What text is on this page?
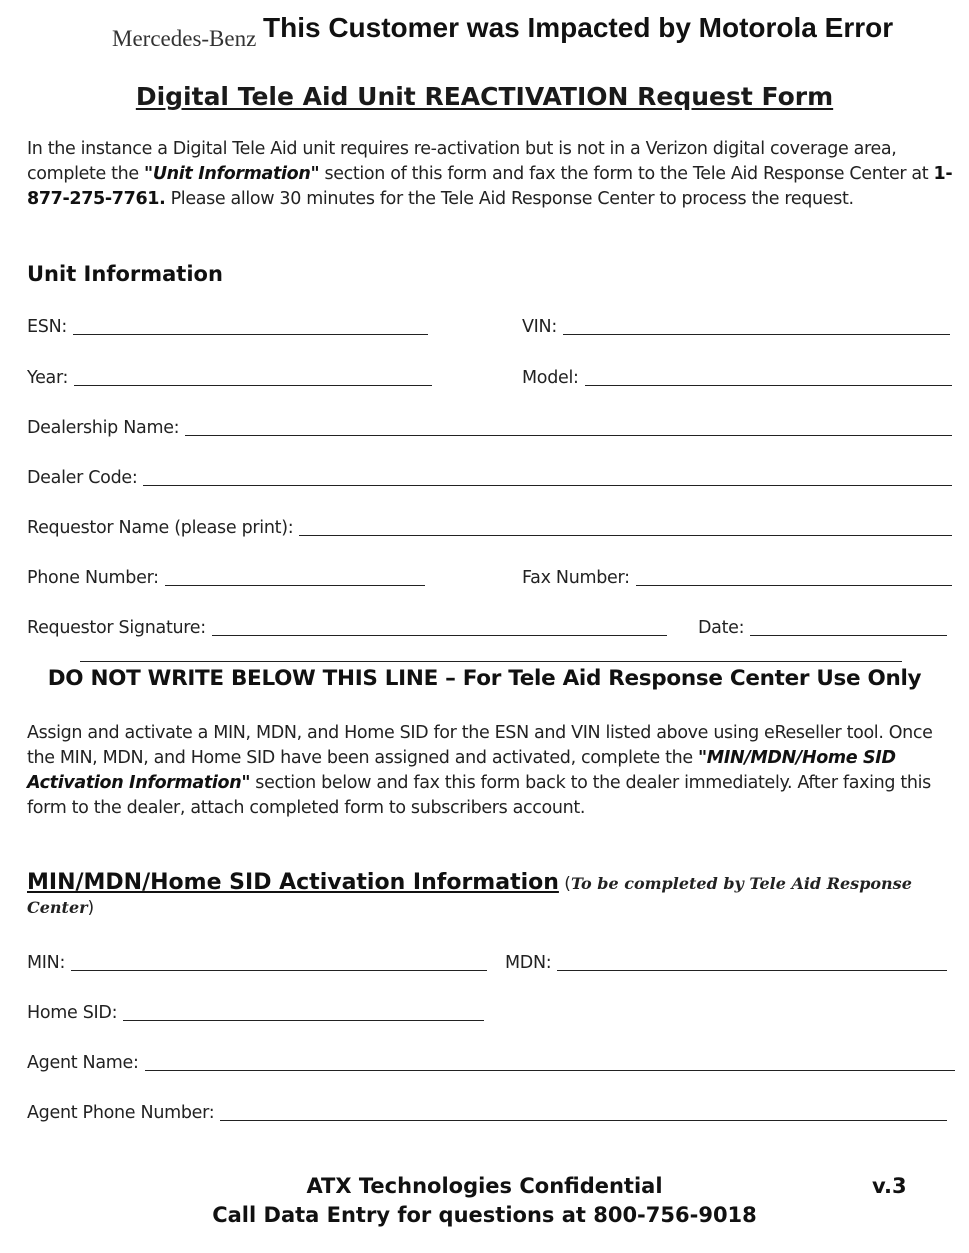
Mercedes-Benz This Customer was Impacted by Motorola Error
Digital Tele Aid Unit REACTIVATION Request Form
In the instance a Digital Tele Aid unit requires re-activation but is not in a Verizon digital coverage area, complete the "Unit Information" section of this form and fax the form to the Tele Aid Response Center at 1-877-275-7761. Please allow 30 minutes for the Tele Aid Response Center to process the request.
Unit Information
ESN:	VIN:
Year:	Model:
Dealership Name:
Dealer Code:
Requestor Name (please print):
Phone Number:	Fax Number:
Requestor Signature:	Date:
DO NOT WRITE BELOW THIS LINE – For Tele Aid Response Center Use Only
Assign and activate a MIN, MDN, and Home SID for the ESN and VIN listed above using eReseller tool. Once the MIN, MDN, and Home SID have been assigned and activated, complete the "MIN/MDN/Home SID Activation Information" section below and fax this form back to the dealer immediately. After faxing this form to the dealer, attach completed form to subscribers account.
MIN/MDN/Home SID Activation Information (To be completed by Tele Aid Response Center)
MIN:	MDN:
Home SID:
Agent Name:
Agent Phone Number:
ATX Technologies Confidential	v.3
Call Data Entry for questions at 800-756-9018
